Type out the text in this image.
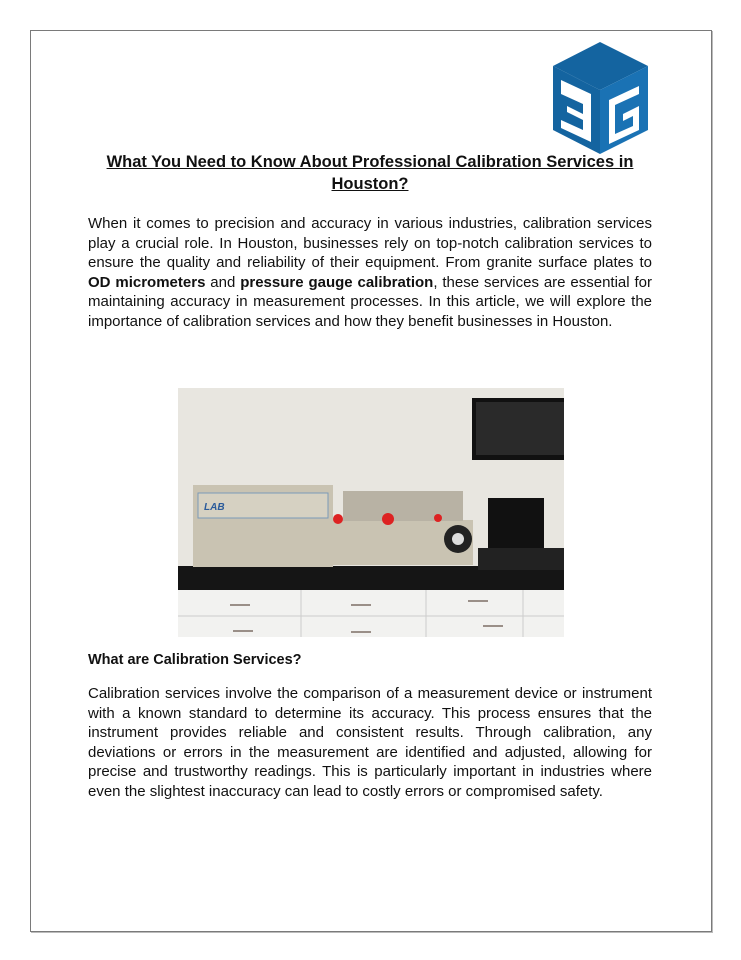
What You Need to Know About Professional Calibration Services in Houston?
When it comes to precision and accuracy in various industries, calibration services play a crucial role. In Houston, businesses rely on top-notch calibration services to ensure the quality and reliability of their equipment. From granite surface plates to OD micrometers and pressure gauge calibration, these services are essential for maintaining accuracy in measurement processes. In this article, we will explore the importance of calibration services and how they benefit businesses in Houston.
LAB
What are Calibration Services?
Calibration services involve the comparison of a measurement device or instrument with a known standard to determine its accuracy. This process ensures that the instrument provides reliable and consistent results. Through calibration, any deviations or errors in the measurement are identified and adjusted, allowing for precise and trustworthy readings. This is particularly important in industries where even the slightest inaccuracy can lead to costly errors or compromised safety.
